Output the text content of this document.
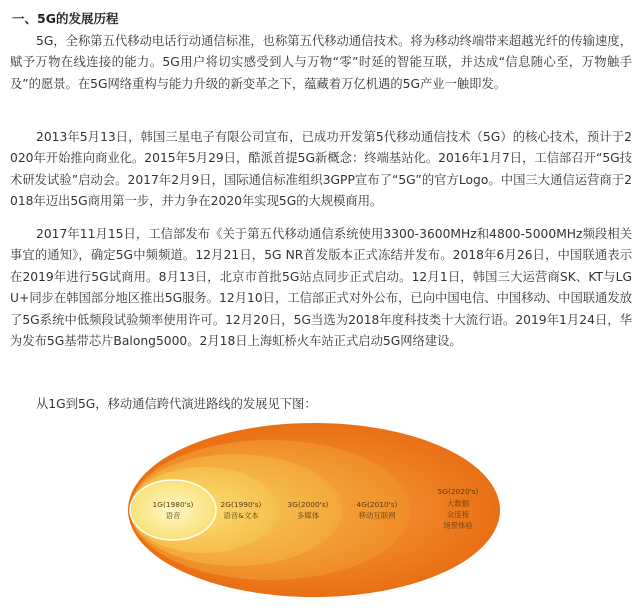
一、5G的发展历程

5G，全称第五代移动电话行动通信标准，也称第五代移动通信技术。将为移动终端带来超越光纤的传输速度，赋予万物在线连接的能力。5G用户将切实感受到人与万物“零”时延的智能互联，并达成“信息随心至，万物触手及”的愿景。在5G网络重构与能力升级的新变革之下，蕴藏着万亿机遇的5G产业一触即发。

2013年5月13日，韩国三星电子有限公司宣布，已成功开发第5代移动通信技术（5G）的核心技术，预计于2020年开始推向商业化。2015年5月29日，酷派首提5G新概念：终端基站化。2016年1月7日，工信部召开“5G技术研发试验”启动会。2017年2月9日，国际通信标准组织3GPP宣布了“5G”的官方Logo。中国三大通信运营商于2018年迈出5G商用第一步，并力争在2020年实现5G的大规模商用。

2017年11月15日，工信部发布《关于第五代移动通信系统使用3300-3600MHz和4800-5000MHz频段相关事宜的通知》，确定5G中频频道。12月21日，5G NR首发版本正式冻结并发布。2018年6月26日，中国联通表示在2019年进行5G试商用。8月13日，北京市首批5G站点同步正式启动。12月1日，韩国三大运营商SK、KT与LG U+同步在韩国部分地区推出5G服务。12月10日，工信部正式对外公布，已向中国电信、中国移动、中国联通发放了5G系统中低频段试验频率使用许可。12月20日，5G当选为2018年度科技类十大流行语。2019年1月24日，华为发布5G基带芯片Balong5000。2月18日上海虹桥火车站正式启动5G网络建设。

从1G到5G，移动通信跨代演进路线的发展见下图：

1G(1980's)
语音
2G(1990's)
语音&文本
3G(2000's)
多媒体
4G(2010's)
移动互联网
5G(2020's)
大数据
众连接
场景体验
